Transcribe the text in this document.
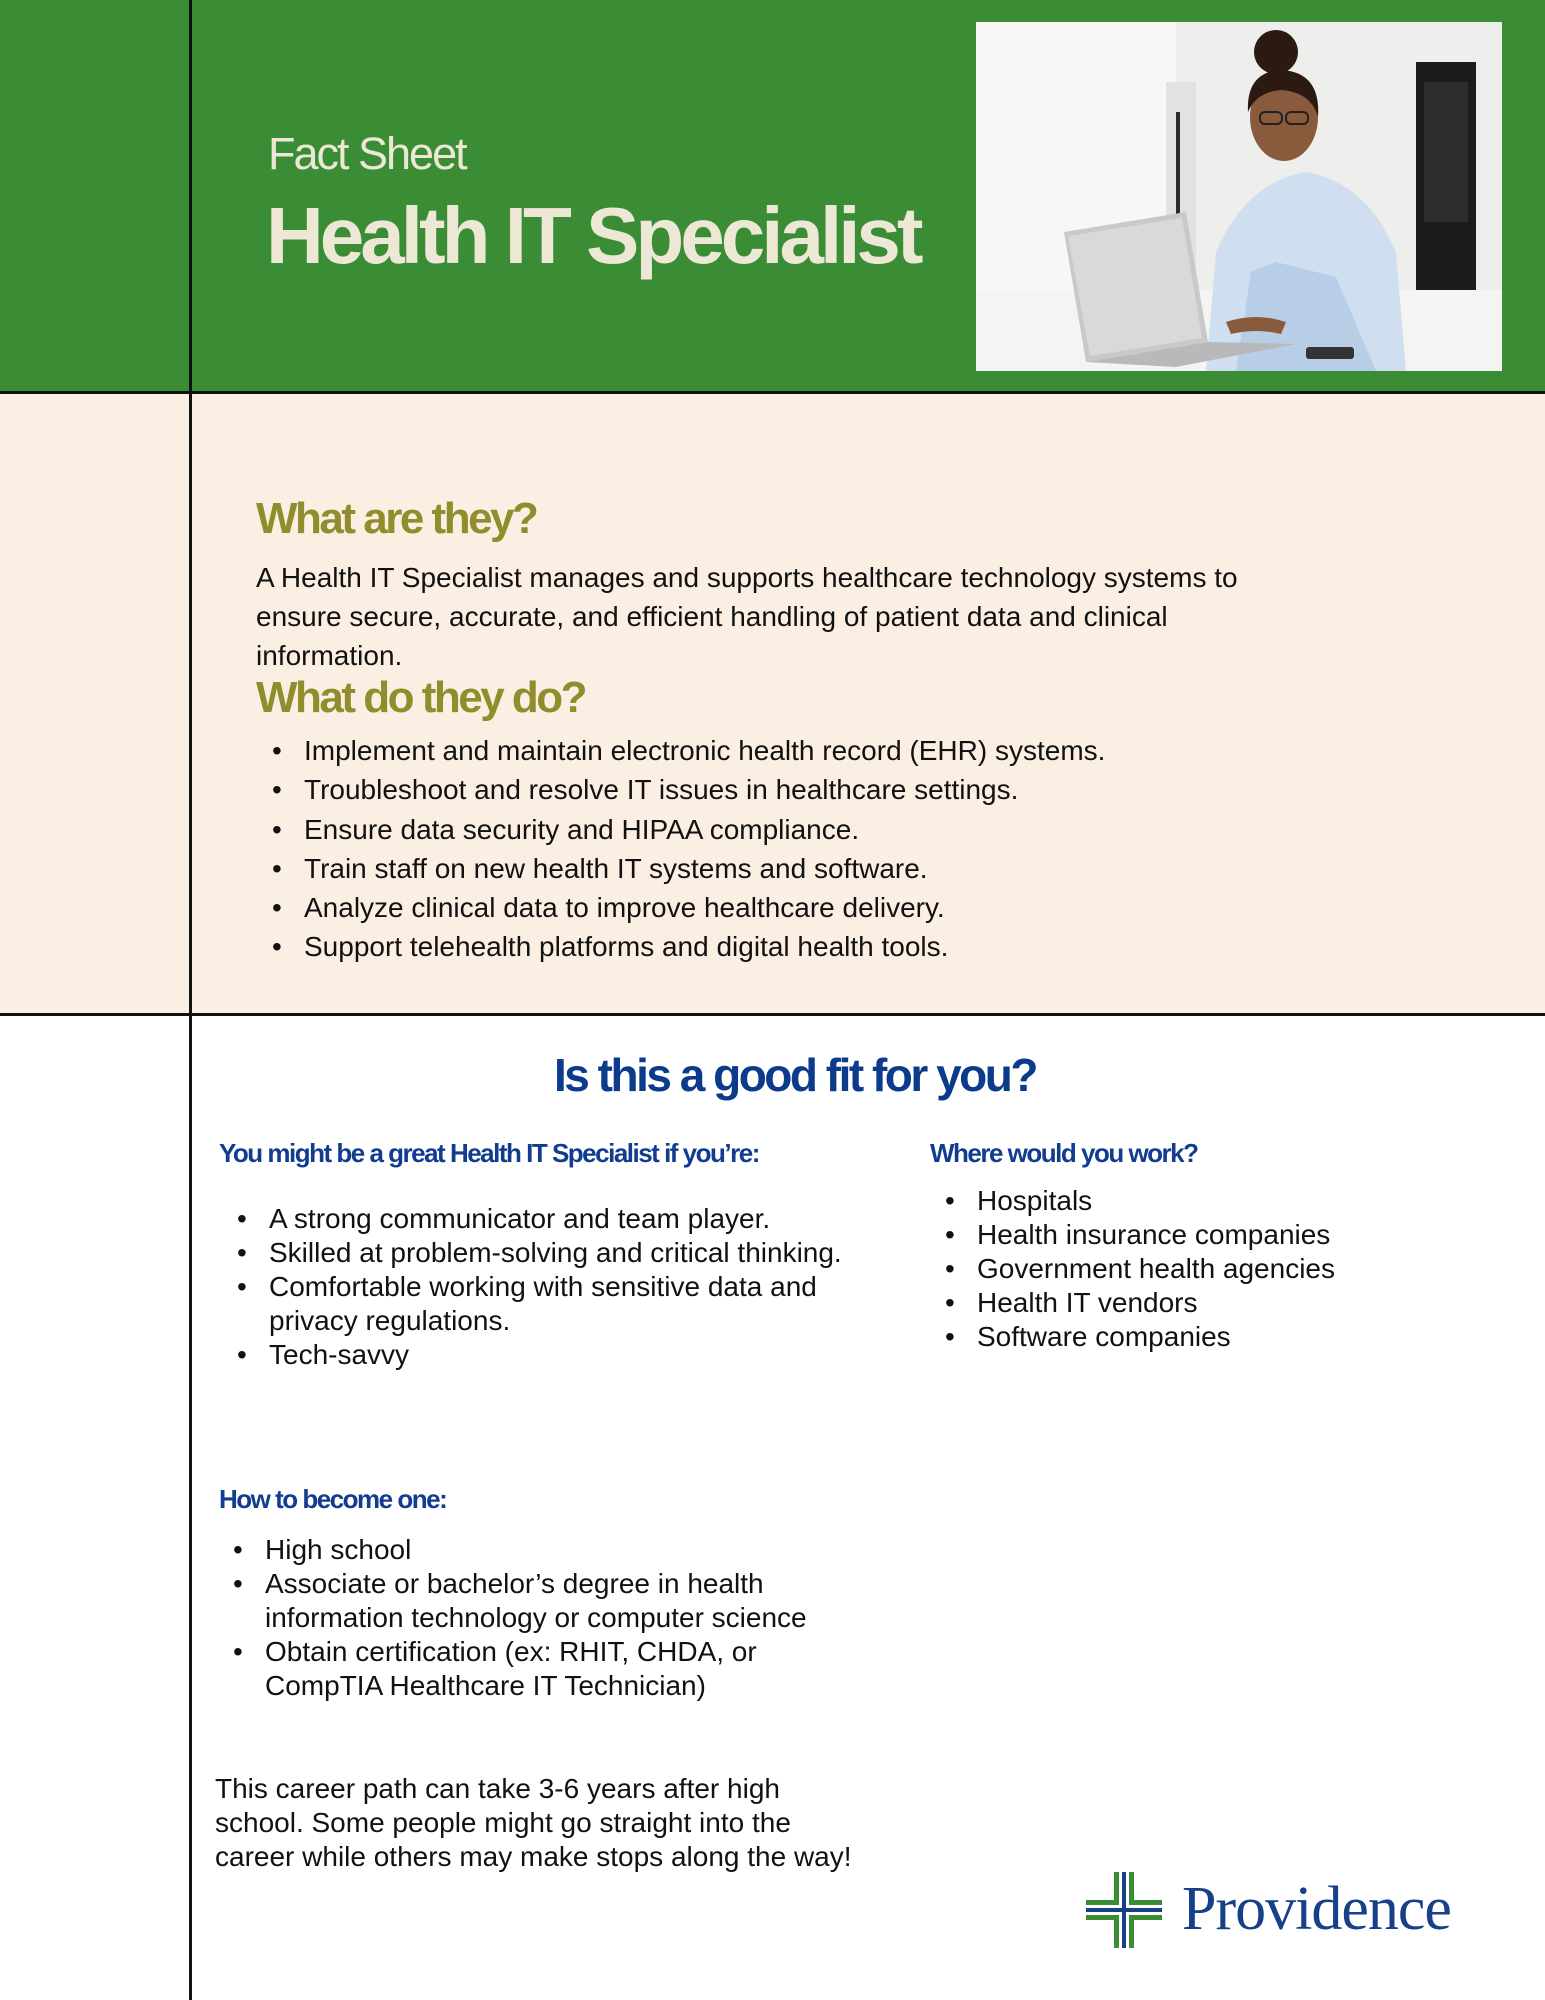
Fact Sheet
Health IT Specialist
What are they?

A Health IT Specialist manages and supports healthcare technology systems to ensure secure, accurate, and efficient handling of patient data and clinical information.

What do they do?
• Implement and maintain electronic health record (EHR) systems.
• Troubleshoot and resolve IT issues in healthcare settings.
• Ensure data security and HIPAA compliance.
• Train staff on new health IT systems and software.
• Analyze clinical data to improve healthcare delivery.
• Support telehealth platforms and digital health tools.
Is this a good fit for you?
You might be a great Health IT Specialist if you’re:
• A strong communicator and team player.
• Skilled at problem-solving and critical thinking.
• Comfortable working with sensitive data and privacy regulations.
• Tech-savvy
Where would you work?
• Hospitals
• Health insurance companies
• Government health agencies
• Health IT vendors
• Software companies
How to become one:
• High school
• Associate or bachelor’s degree in health information technology or computer science
• Obtain certification (ex: RHIT, CHDA, or CompTIA Healthcare IT Technician)

This career path can take 3-6 years after high school. Some people might go straight into the career while others may make stops along the way!

Providence
